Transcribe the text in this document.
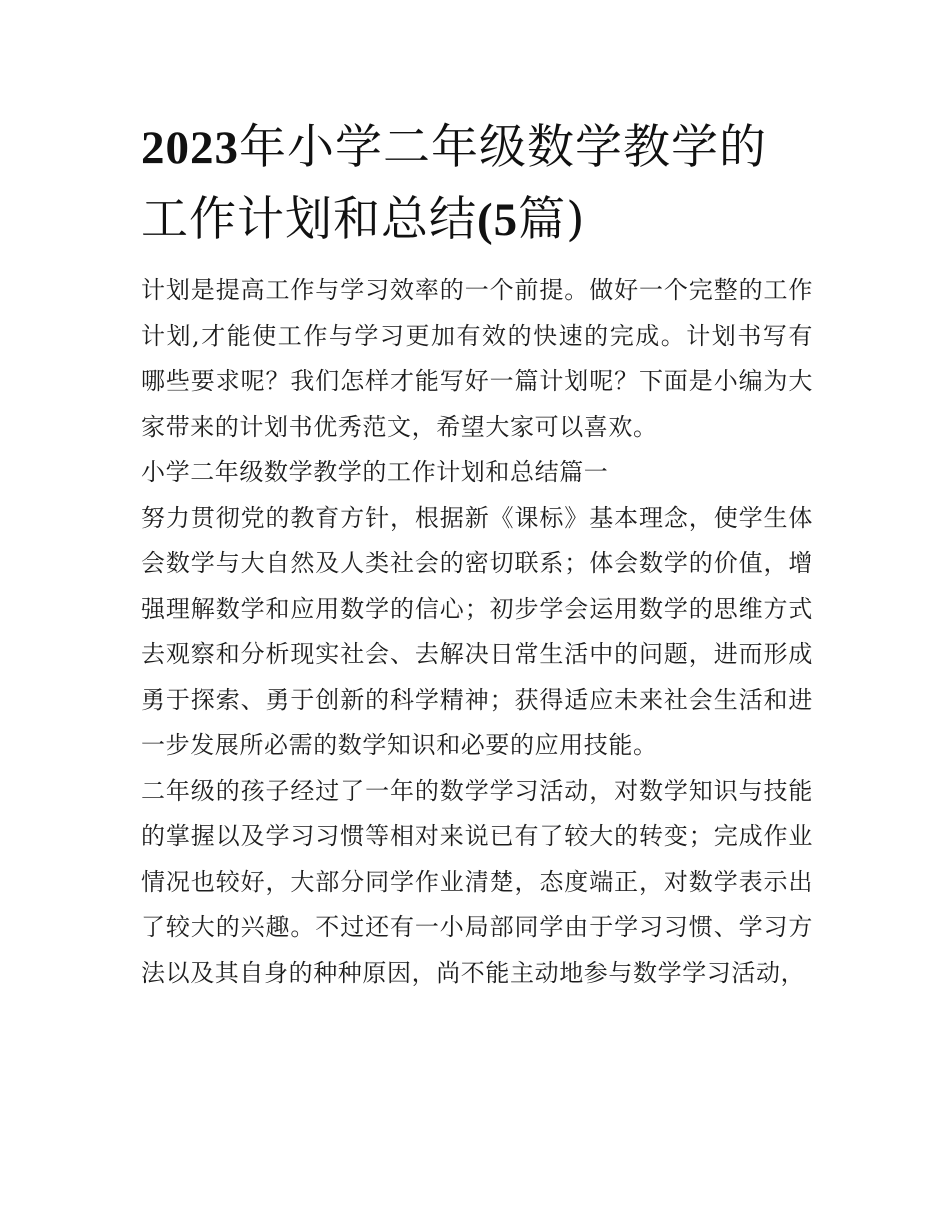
2023年小学二年级数学教学的
工作计划和总结(5篇)

计划是提高工作与学习效率的一个前提。做好一个完整的工作计划,才能使工作与学习更加有效的快速的完成。计划书写有哪些要求呢？我们怎样才能写好一篇计划呢？下面是小编为大家带来的计划书优秀范文，希望大家可以喜欢。

小学二年级数学教学的工作计划和总结篇一

努力贯彻党的教育方针，根据新《课标》基本理念，使学生体会数学与大自然及人类社会的密切联系；体会数学的价值，增强理解数学和应用数学的信心；初步学会运用数学的思维方式去观察和分析现实社会、去解决日常生活中的问题，进而形成勇于探索、勇于创新的科学精神；获得适应未来社会生活和进一步发展所必需的数学知识和必要的应用技能。

二年级的孩子经过了一年的数学学习活动，对数学知识与技能的掌握以及学习习惯等相对来说已有了较大的转变；完成作业情况也较好，大部分同学作业清楚，态度端正，对数学表示出了较大的兴趣。不过还有一小局部同学由于学习习惯、学习方法以及其自身的种种原因，尚不能主动地参与数学学习活动，
